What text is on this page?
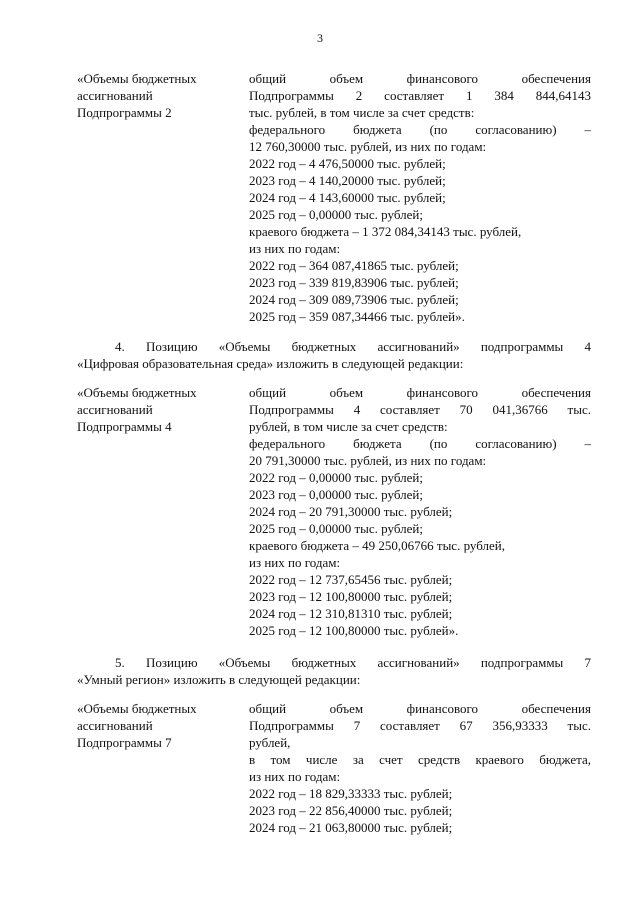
3
«Объемы бюджетных
ассигнований
Подпрограммы 2
общий объем финансового обеспечения
Подпрограммы 2 составляет 1 384 844,64143
тыс. рублей, в том числе за счет средств:
федерального бюджета (по согласованию) –
12 760,30000 тыс. рублей, из них по годам:
2022 год – 4 476,50000 тыс. рублей;
2023 год – 4 140,20000 тыс. рублей;
2024 год – 4 143,60000 тыс. рублей;
2025 год – 0,00000 тыс. рублей;
краевого бюджета – 1 372 084,34143 тыс. рублей,
из них по годам:
2022 год – 364 087,41865 тыс. рублей;
2023 год – 339 819,83906 тыс. рублей;
2024 год – 309 089,73906 тыс. рублей;
2025 год – 359 087,34466 тыс. рублей».
4. Позицию «Объемы бюджетных ассигнований» подпрограммы 4
«Цифровая образовательная среда» изложить в следующей редакции:
«Объемы бюджетных
ассигнований
Подпрограммы 4
общий объем финансового обеспечения
Подпрограммы 4 составляет 70 041,36766 тыс.
рублей, в том числе за счет средств:
федерального бюджета (по согласованию) –
20 791,30000 тыс. рублей, из них по годам:
2022 год – 0,00000 тыс. рублей;
2023 год – 0,00000 тыс. рублей;
2024 год – 20 791,30000 тыс. рублей;
2025 год – 0,00000 тыс. рублей;
краевого бюджета – 49 250,06766 тыс. рублей,
из них по годам:
2022 год – 12 737,65456 тыс. рублей;
2023 год – 12 100,80000 тыс. рублей;
2024 год – 12 310,81310 тыс. рублей;
2025 год – 12 100,80000 тыс. рублей».
5. Позицию «Объемы бюджетных ассигнований» подпрограммы 7
«Умный регион» изложить в следующей редакции:
«Объемы бюджетных
ассигнований
Подпрограммы 7
общий объем финансового обеспечения
Подпрограммы 7 составляет 67 356,93333 тыс.
рублей,
в том числе за счет средств краевого бюджета,
из них по годам:
2022 год – 18 829,33333 тыс. рублей;
2023 год – 22 856,40000 тыс. рублей;
2024 год – 21 063,80000 тыс. рублей;
